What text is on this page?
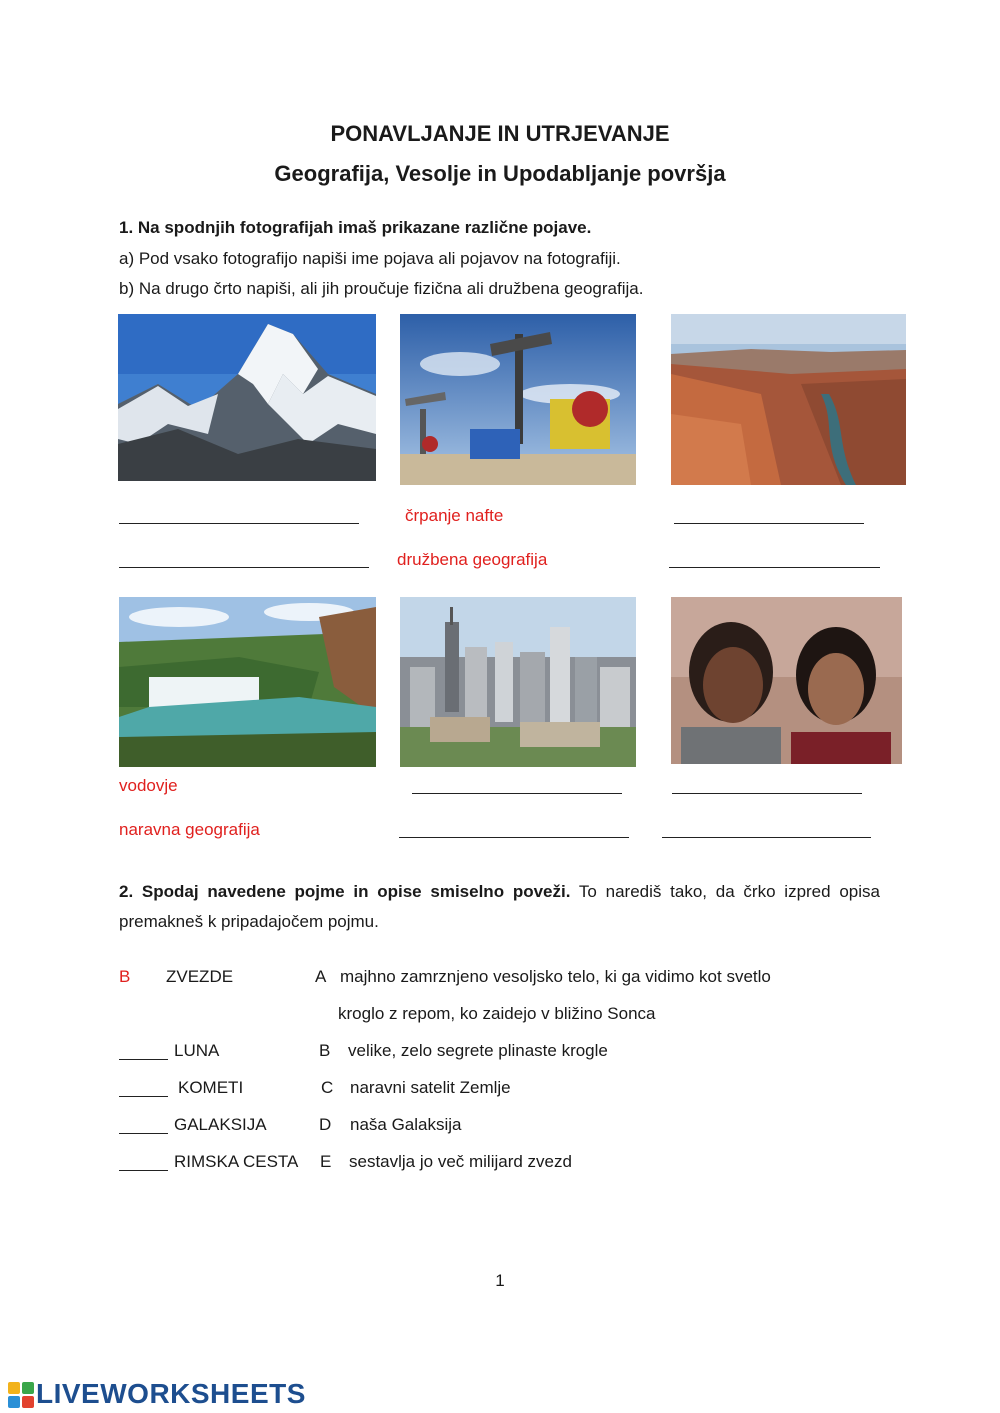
PONAVLJANJE IN UTRJEVANJE
Geografija, Vesolje in Upodabljanje površja
1. Na spodnjih fotografijah imaš prikazane različne pojave.
a) Pod vsako fotografijo napiši ime pojava ali pojavov na fotografiji.
b) Na drugo črto napiši, ali jih proučuje fizična ali družbena geografija.
črpanje nafte
družbena geografija
vodovje
naravna geografija
2. Spodaj navedene pojme in opise smiselno poveži. To narediš tako, da črko izpred opisa premakneš k pripadajočem pojmu.
B ZVEZDE	A majhno zamrznjeno vesoljsko telo, ki ga vidimo kot svetlo
kroglo z repom, ko zaidejo v bližino Sonca
LUNA	B velike, zelo segrete plinaste krogle
KOMETI	C naravni satelit Zemlje
GALAKSIJA	D naša Galaksija
RIMSKA CESTA E sestavlja jo več milijard zvezd
1
LIVEWORKSHEETS
